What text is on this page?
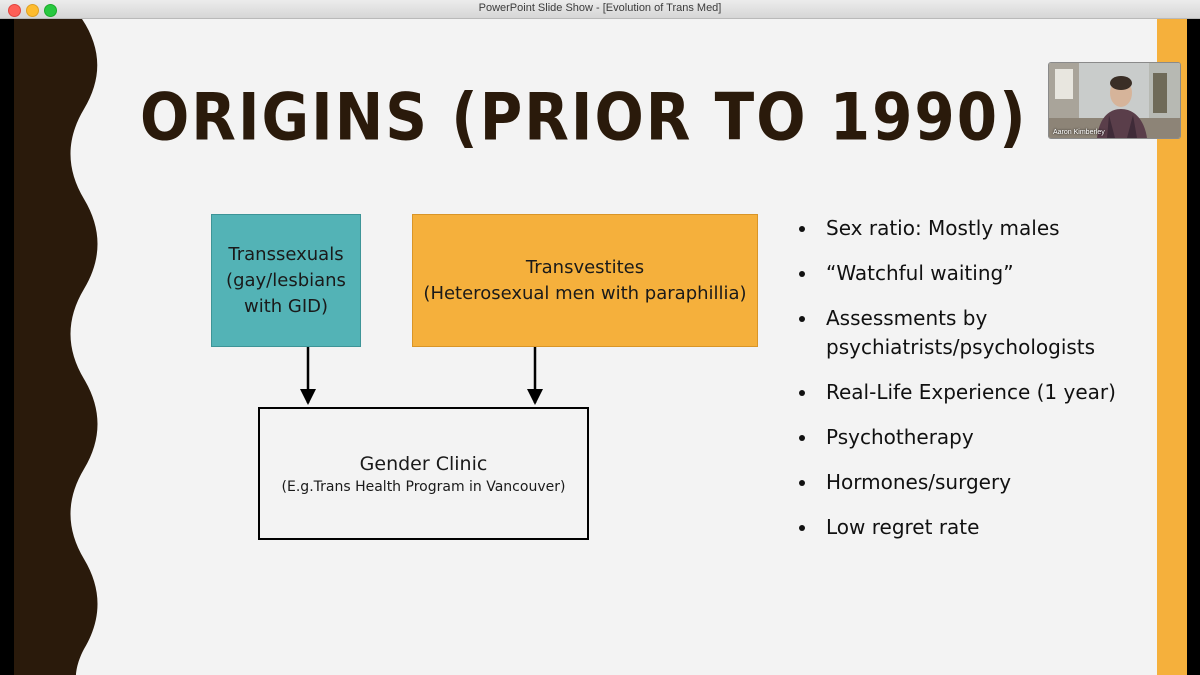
PowerPoint Slide Show - [Evolution of Trans Med]
ORIGINS (PRIOR TO 1990)
Transsexuals
(gay/lesbians
with GID)
Transvestites
(Heterosexual men with paraphillia)
Gender Clinic
(E.g.Trans Health Program in Vancouver)
Sex ratio: Mostly males
“Watchful waiting”
Assessments by psychiatrists/psychologists
Real-Life Experience (1 year)
Psychotherapy
Hormones/surgery
Low regret rate
Aaron Kimberley
